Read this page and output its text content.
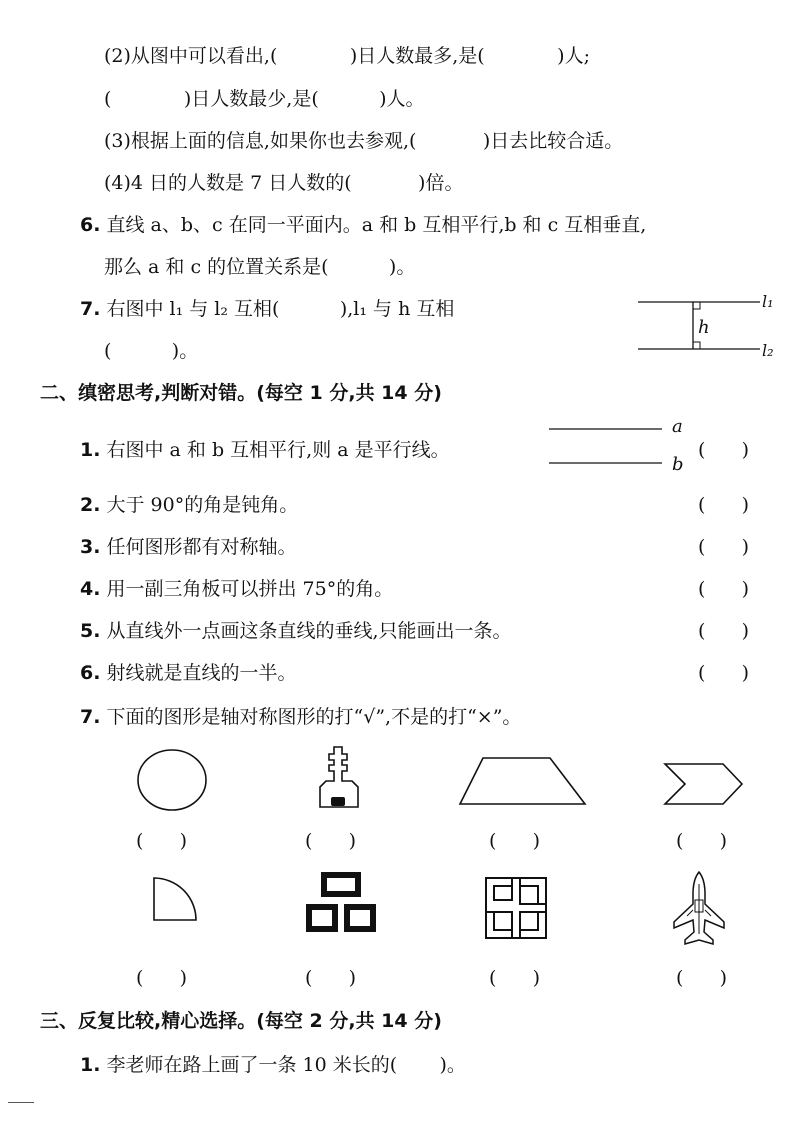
(2)从图中可以看出,(            )日人数最多,是(            )人;
(            )日人数最少,是(          )人。
(3)根据上面的信息,如果你也去参观,(           )日去比较合适。
(4)4 日的人数是 7 日人数的(           )倍。
6. 直线 a、b、c 在同一平面内。a 和 b 互相平行,b 和 c 互相垂直,
那么 a 和 c 的位置关系是(          )。
7. 右图中 l₁ 与 l₂ 互相(          ),l₁ 与 h 互相
(          )。
l₁
l₂
h
二、缜密思考,判断对错。(每空 1 分,共 14 分)
1. 右图中 a 和 b 互相平行,则 a 是平行线。
a
b
(      )
2. 大于 90°的角是钝角。	(      )
3. 任何图形都有对称轴。	(      )
4. 用一副三角板可以拼出 75°的角。	(      )
5. 从直线外一点画这条直线的垂线,只能画出一条。	(      )
6. 射线就是直线的一半。	(      )
7. 下面的图形是轴对称图形的打“√”,不是的打“×”。
(      )	(      )	(      )	(      )
(      )	(      )	(      )	(      )
三、反复比较,精心选择。(每空 2 分,共 14 分)
1. 李老师在路上画了一条 10 米长的(       )。
